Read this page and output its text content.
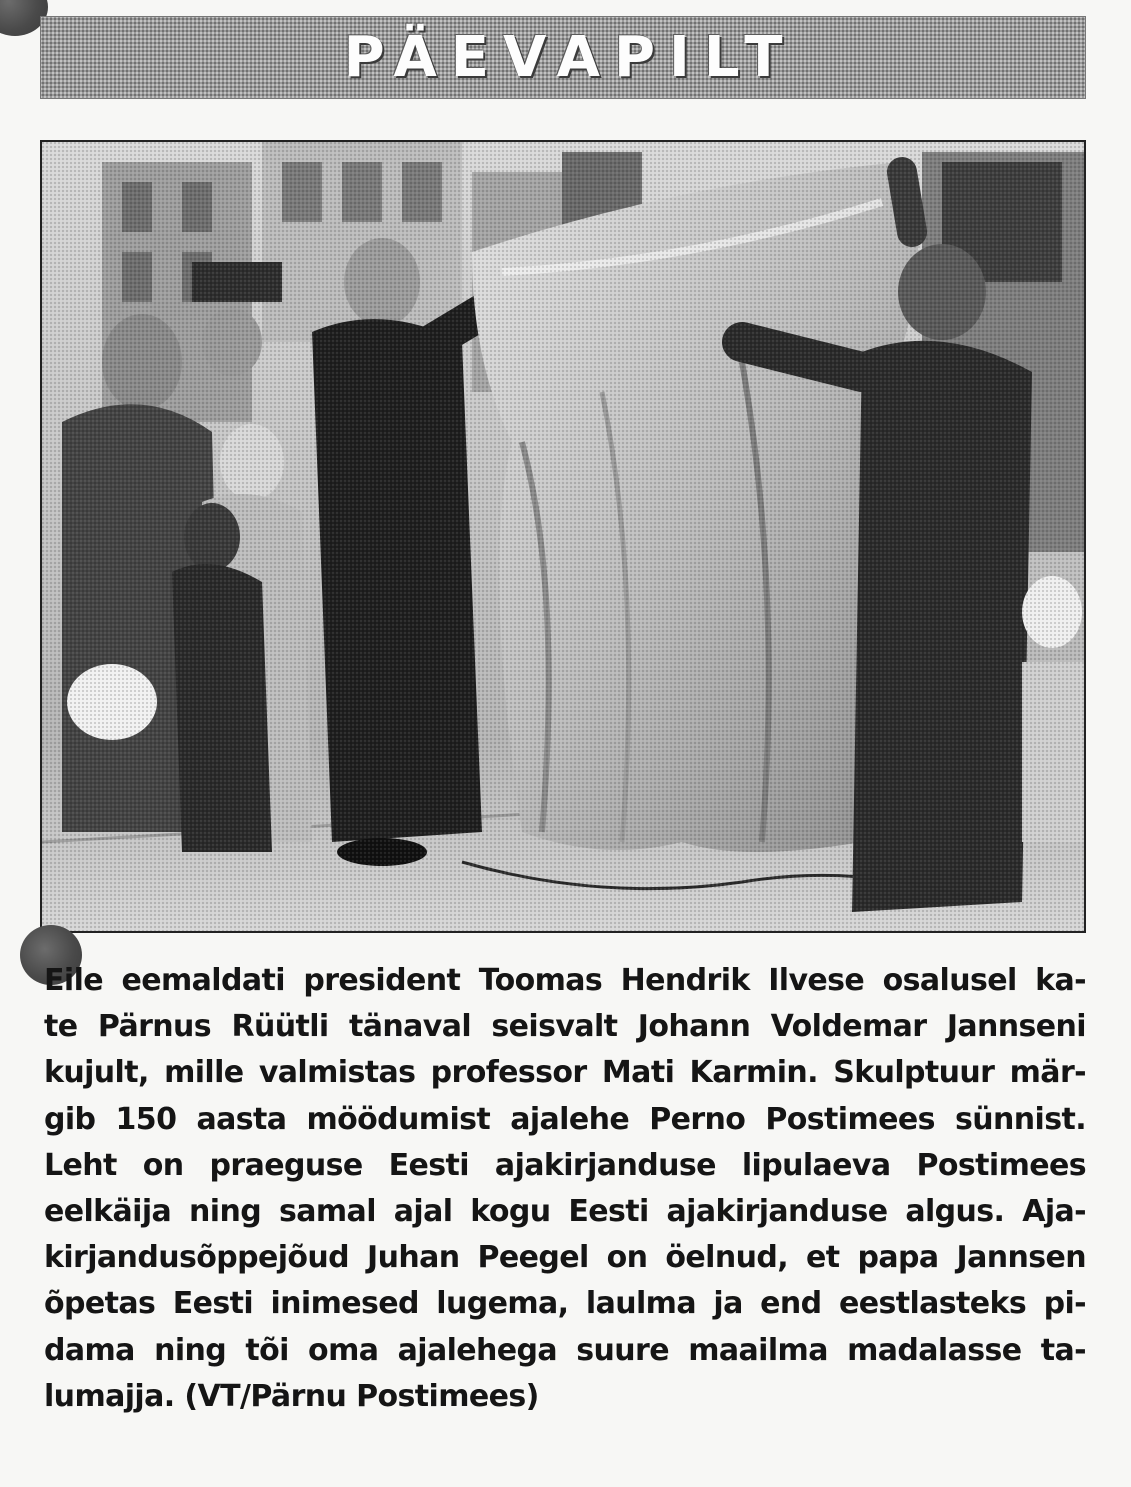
PÄEVAPILT
Eile eemaldati president Toomas Hendrik Ilvese osalusel ka-
te Pärnus Rüütli tänaval seisvalt Johann Voldemar Jannseni
kujult, mille valmistas professor Mati Karmin. Skulptuur mär-
gib 150 aasta möödumist ajalehe Perno Postimees sünnist.
Leht on praeguse Eesti ajakirjanduse lipulaeva Postimees
eelkäija ning samal ajal kogu Eesti ajakirjanduse algus. Aja-
kirjandusõppejõud Juhan Peegel on öelnud, et papa Jannsen
õpetas Eesti inimesed lugema, laulma ja end eestlasteks pi-
dama ning tõi oma ajalehega suure maailma madalasse ta-
lumajja. (VT/Pärnu Postimees)
